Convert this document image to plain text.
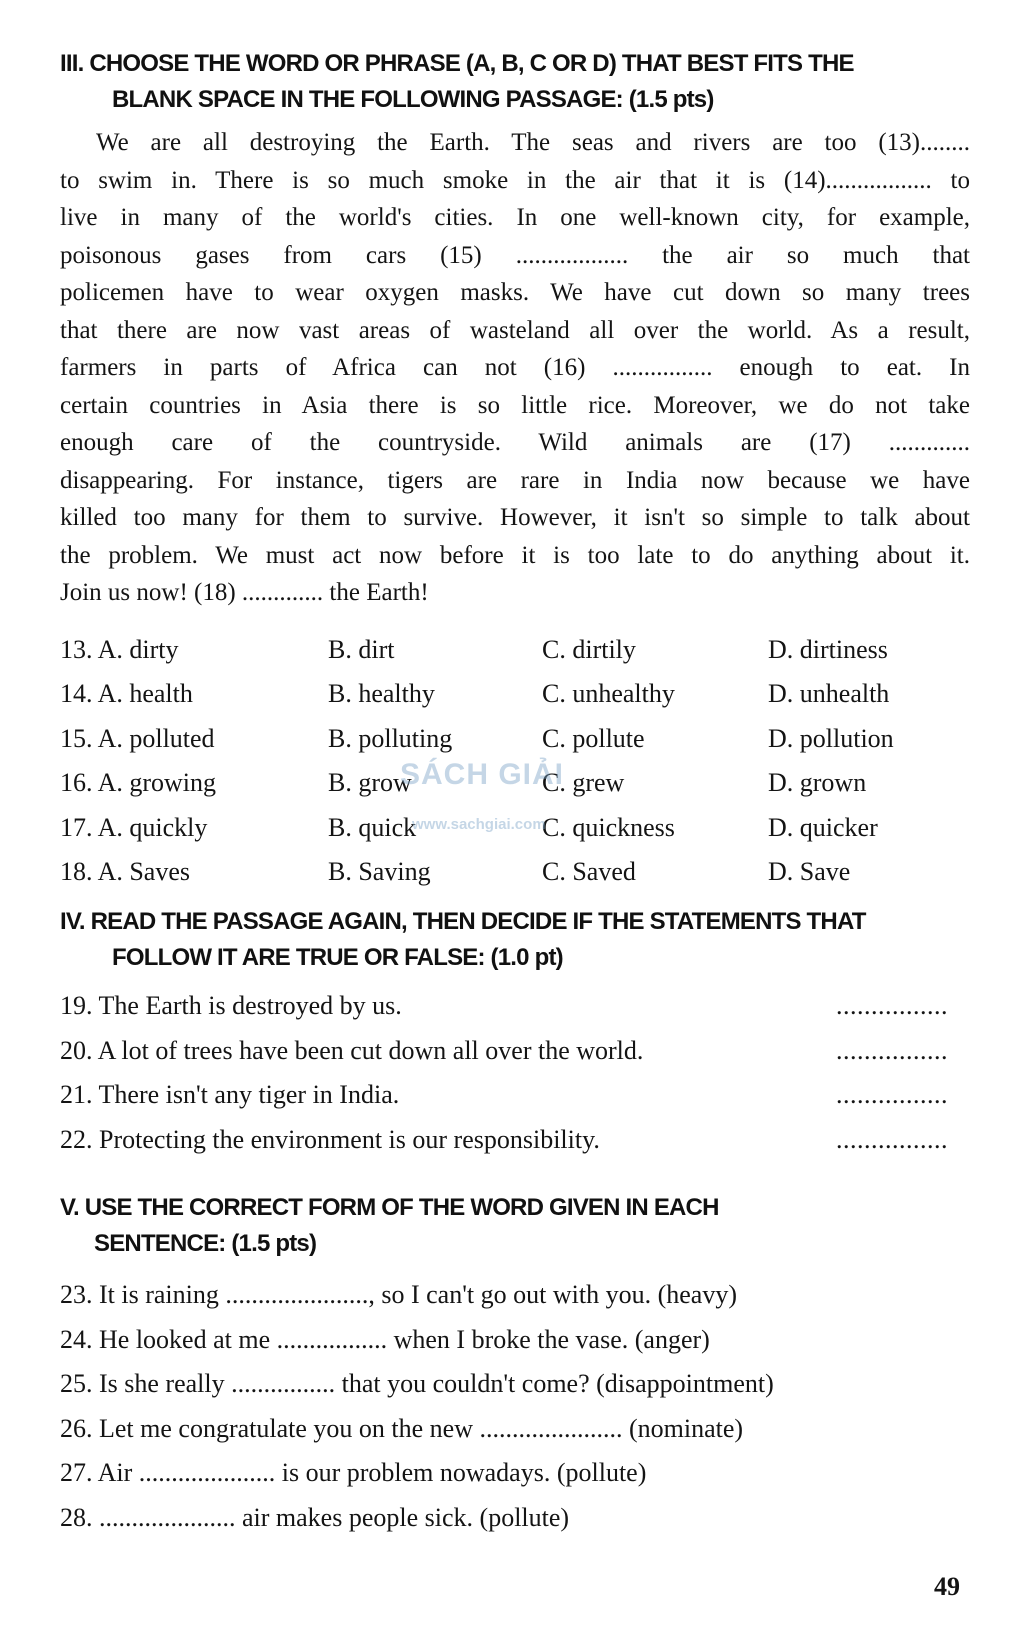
III. CHOOSE THE WORD OR PHRASE (A, B, C OR D) THAT BEST FITS THE
BLANK SPACE IN THE FOLLOWING PASSAGE: (1.5 pts)
We are all destroying the Earth. The seas and rivers are too (13)........
to swim in. There is so much smoke in the air that it is (14)................. to
live in many of the world's cities. In one well-known city, for example,
poisonous gases from cars (15) .................. the air so much that
policemen have to wear oxygen masks. We have cut down so many trees
that there are now vast areas of wasteland all over the world. As a result,
farmers in parts of Africa can not (16) ................ enough to eat. In
certain countries in Asia there is so little rice. Moreover, we do not take
enough care of the countryside. Wild animals are (17) .............
disappearing. For instance, tigers are rare in India now because we have
killed too many for them to survive. However, it isn't so simple to talk about
the problem. We must act now before it is too late to do anything about it.
Join us now! (18) ............. the Earth!
13. A. dirty	B. dirt	C. dirtily	D. dirtiness
14. A. health	B. healthy	C. unhealthy	D. unhealth
15. A. polluted	B. polluting	C. pollute	D. pollution
16. A. growing	B. grow	C. grew	D. grown
17. A. quickly	B. quick	C. quickness	D. quicker
18. A. Saves	B. Saving	C. Saved	D. Save
SÁCH GIẢI
www.sachgiai.com
IV. READ THE PASSAGE AGAIN, THEN DECIDE IF THE STATEMENTS THAT
FOLLOW IT ARE TRUE OR FALSE: (1.0 pt)
19. The Earth is destroyed by us.	................
20. A lot of trees have been cut down all over the world.	................
21. There isn't any tiger in India.	................
22. Protecting the environment is our responsibility.	................
V. USE THE CORRECT FORM OF THE WORD GIVEN IN EACH
SENTENCE: (1.5 pts)
23. It is raining ......................, so I can't go out with you. (heavy)
24. He looked at me ................. when I broke the vase. (anger)
25. Is she really ................ that you couldn't come? (disappointment)
26. Let me congratulate you on the new ...................... (nominate)
27. Air ..................... is our problem nowadays. (pollute)
28. ..................... air makes people sick. (pollute)
49
